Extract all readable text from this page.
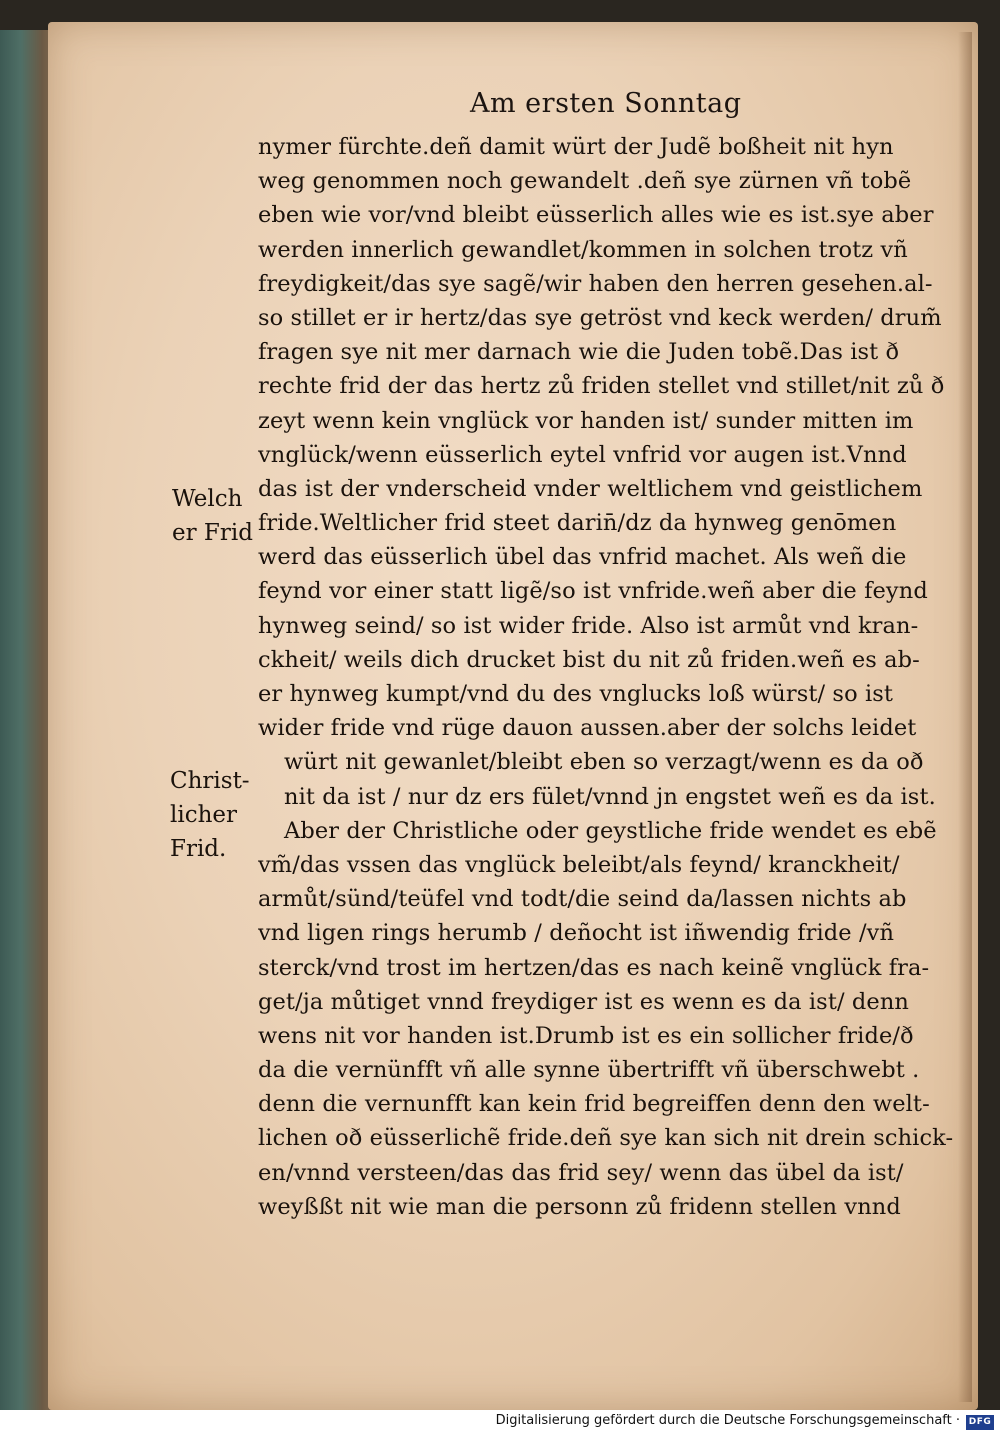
Am ersten Sonntag
Welch
er Frid
Christ-
licher
Frid.
nymer fürchte.deñ damit würt der Judẽ boßheit nit hyn
weg genommen noch gewandelt .deñ sye zürnen vñ tobẽ
eben wie vor/vnd bleibt eüsserlich alles wie es ist.sye aber
werden innerlich gewandlet/kommen in solchen trotz vñ
freydigkeit/das sye sagẽ/wir haben den herren gesehen.al-
so stillet er ir hertz/das sye getröst vnd keck werden/ drum̃
fragen sye nit mer darnach wie die Juden tobẽ.Das ist ð
rechte frid der das hertz zů friden stellet vnd stillet/nit zů ð
zeyt wenn kein vnglück vor handen ist/ sunder mitten im
vnglück/wenn eüsserlich eytel vnfrid vor augen ist.Vnnd
das ist der vnderscheid vnder weltlichem vnd geistlichem
fride.Weltlicher frid steet darin̄/dz da hynweg genōmen
werd das eüsserlich übel das vnfrid machet. Als weñ die
feynd vor einer statt ligẽ/so ist vnfride.weñ aber die feynd
hynweg seind/ so ist wider fride. Also ist armůt vnd kran-
ckheit/ weils dich drucket bist du nit zů friden.weñ es ab-
er hynweg kumpt/vnd du des vnglucks loß würst/ so ist
wider fride vnd rüge dauon aussen.aber der solchs leidet
würt nit gewanlet/bleibt eben so verzagt/wenn es da oð
nit da ist / nur dz ers fület/vnnd jn engstet weñ es da ist.
Aber der Christliche oder geystliche fride wendet es ebẽ
vm̃/das vssen das vnglück beleibt/als feynd/ kranckheit/
armůt/sünd/teüfel vnd todt/die seind da/lassen nichts ab
vnd ligen rings herumb / deñocht ist iñwendig fride /vñ
sterck/vnd trost im hertzen/das es nach keinẽ vnglück fra-
get/ja můtiget vnnd freydiger ist es wenn es da ist/ denn
wens nit vor handen ist.Drumb ist es ein sollicher fride/ð
da die vernünfft vñ alle synne übertrifft vñ überschwebt .
denn die vernunfft kan kein frid begreiffen denn den welt-
lichen oð eüsserlichẽ fride.deñ sye kan sich nit drein schick-
en/vnnd versteen/das das frid sey/ wenn das übel da ist/
weyßßt nit wie man die personn zů fridenn stellen vnnd
Digitalisierung gefördert durch die Deutsche Forschungsgemeinschaft · DFG
